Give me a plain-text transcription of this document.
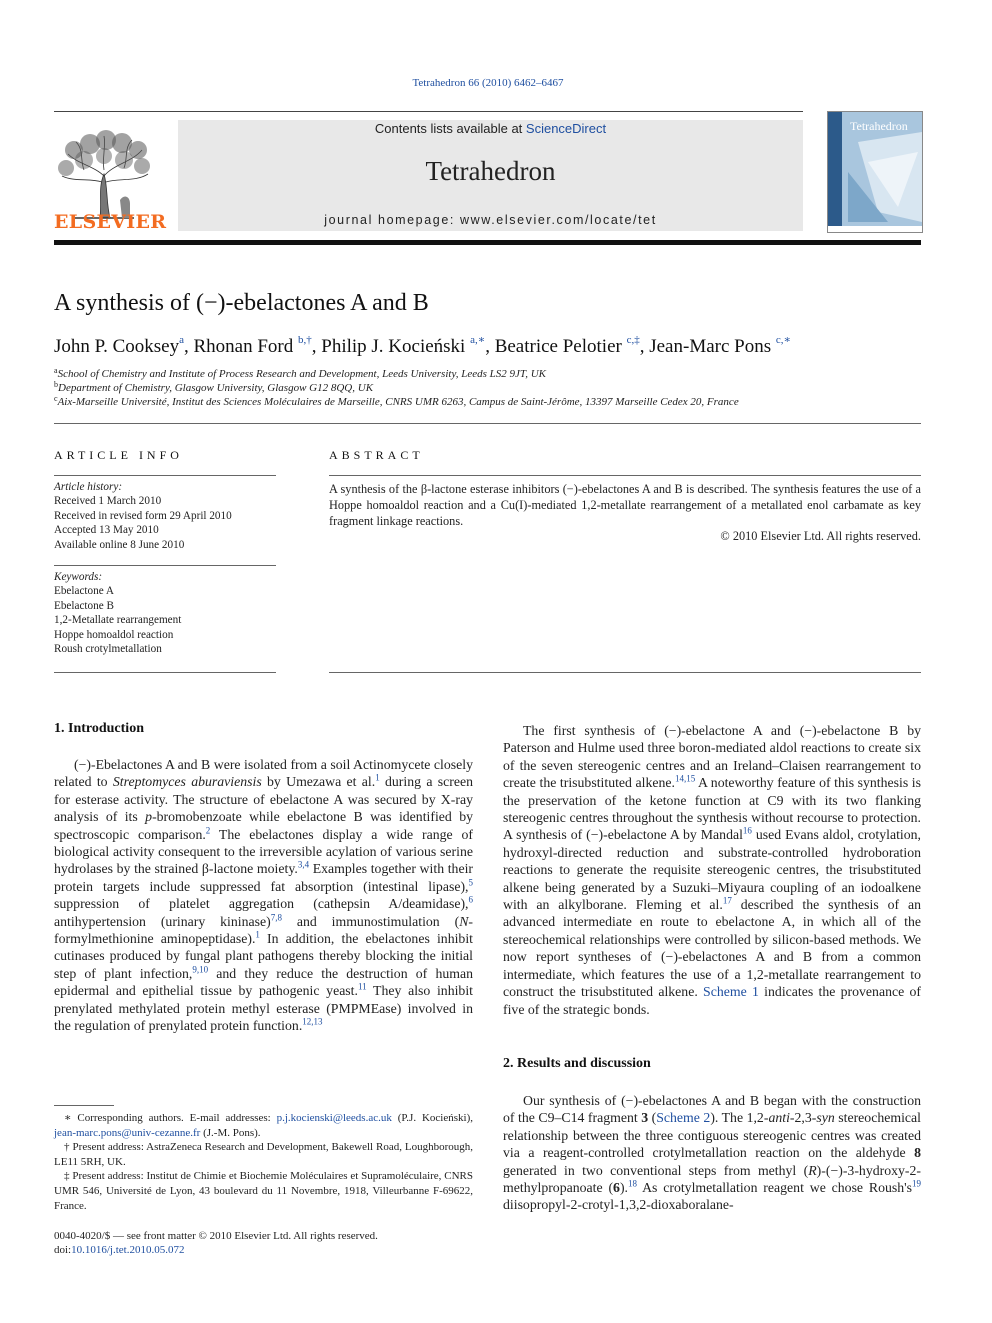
Tetrahedron 66 (2010) 6462–6467
ELSEVIER
Contents lists available at ScienceDirect
Tetrahedron
journal homepage: www.elsevier.com/locate/tet
Tetrahedron
A synthesis of (−)-ebelactones A and B
John P. Cooksey$^a$, Rhonan Ford $^{b,\dagger}$, Philip J. Kocieński $^{a,∗}$, Beatrice Pelotier $^{c,\ddagger}$, Jean-Marc Pons $^{c,∗}$
$^a$School of Chemistry and Institute of Process Research and Development, Leeds University, Leeds LS2 9JT, UK
$^b$Department of Chemistry, Glasgow University, Glasgow G12 8QQ, UK
$^c$Aix-Marseille Université, Institut des Sciences Moléculaires de Marseille, CNRS UMR 6263, Campus de Saint-Jérôme, 13397 Marseille Cedex 20, France
ARTICLE INFO
Article history:
Received 1 March 2010
Received in revised form 29 April 2010
Accepted 13 May 2010
Available online 8 June 2010
Keywords:
Ebelactone A
Ebelactone B
1,2-Metallate rearrangement
Hoppe homoaldol reaction
Roush crotylmetallation
ABSTRACT
A synthesis of the β-lactone esterase inhibitors (−)-ebelactones A and B is described. The synthesis features the use of a Hoppe homoaldol reaction and a Cu(I)-mediated 1,2-metallate rearrangement of a metallated enol carbamate as key fragment linkage reactions.
© 2010 Elsevier Ltd. All rights reserved.
1. Introduction

(−)-Ebelactones A and B were isolated from a soil Actinomycete closely related to Streptomyces aburaviensis by Umezawa et al.$^1$ during a screen for esterase activity. The structure of ebelactone A was secured by X-ray analysis of its p-bromobenzoate while ebelactone B was identified by spectroscopic comparison.$^2$ The ebelactones display a wide range of biological activity consequent to the irreversible acylation of various serine hydrolases by the strained β-lactone moiety.$^{3,4}$ Examples together with their protein targets include suppressed fat absorption (intestinal lipase),$^5$ suppression of platelet aggregation (cathepsin A/deamidase),$^6$ antihypertension (urinary kininase)$^{7,8}$ and immunostimulation (N-formylmethionine aminopeptidase).$^1$ In addition, the ebelactones inhibit cutinases produced by fungal plant pathogens thereby blocking the initial step of plant infection,$^{9,10}$ and they reduce the destruction of human epidermal and epithelial tissue by pathogenic yeast.$^{11}$ They also inhibit prenylated methylated protein methyl esterase (PMPMEase) involved in the regulation of prenylated protein function.$^{12,13}$

∗ Corresponding authors. E-mail addresses: p.j.kocienski@leeds.ac.uk (P.J. Kocieński), jean-marc.pons@univ-cezanne.fr (J.-M. Pons).
† Present address: AstraZeneca Research and Development, Bakewell Road, Loughborough, LE11 5RH, UK.
‡ Present address: Institut de Chimie et Biochemie Moléculaires et Supramoléculaire, CNRS UMR 546, Université de Lyon, 43 boulevard du 11 Novembre, 1918, Villeurbanne F-69622, France.
0040-4020/$ — see front matter © 2010 Elsevier Ltd. All rights reserved.
doi:10.1016/j.tet.2010.05.072

The first synthesis of (−)-ebelactone A and (−)-ebelactone B by Paterson and Hulme used three boron-mediated aldol reactions to create six of the seven stereogenic centres and an Ireland–Claisen rearrangement to create the trisubstituted alkene.$^{14,15}$ A noteworthy feature of this synthesis is the preservation of the ketone function at C9 with its two flanking stereogenic centres throughout the synthesis without recourse to protection. A synthesis of (−)-ebelactone A by Mandal$^{16}$ used Evans aldol, crotylation, hydroxyl-directed reduction and substrate-controlled hydroboration reactions to generate the requisite stereogenic centres, the trisubstituted alkene being generated by a Suzuki–Miyaura coupling of an iodoalkene with an alkylborane. Fleming et al.$^{17}$ described the synthesis of an advanced intermediate en route to ebelactone A, in which all of the stereochemical relationships were controlled by silicon-based methods. We now report syntheses of (−)-ebelactones A and B from a common intermediate, which features the use of a 1,2-metallate rearrangement to construct the trisubstituted alkene. Scheme 1 indicates the provenance of five of the strategic bonds.

2. Results and discussion

Our synthesis of (−)-ebelactones A and B began with the construction of the C9–C14 fragment 3 (Scheme 2). The 1,2-anti-2,3-syn stereochemical relationship between the three contiguous stereogenic centres was created via a reagent-controlled crotylmetallation reaction on the aldehyde 8 generated in two conventional steps from methyl (R)-(−)-3-hydroxy-2-methylpropanoate (6).$^{18}$ As crotylmetallation reagent we chose Roush's$^{19}$ diisopropyl-2-crotyl-1,3,2-dioxaboralane-
